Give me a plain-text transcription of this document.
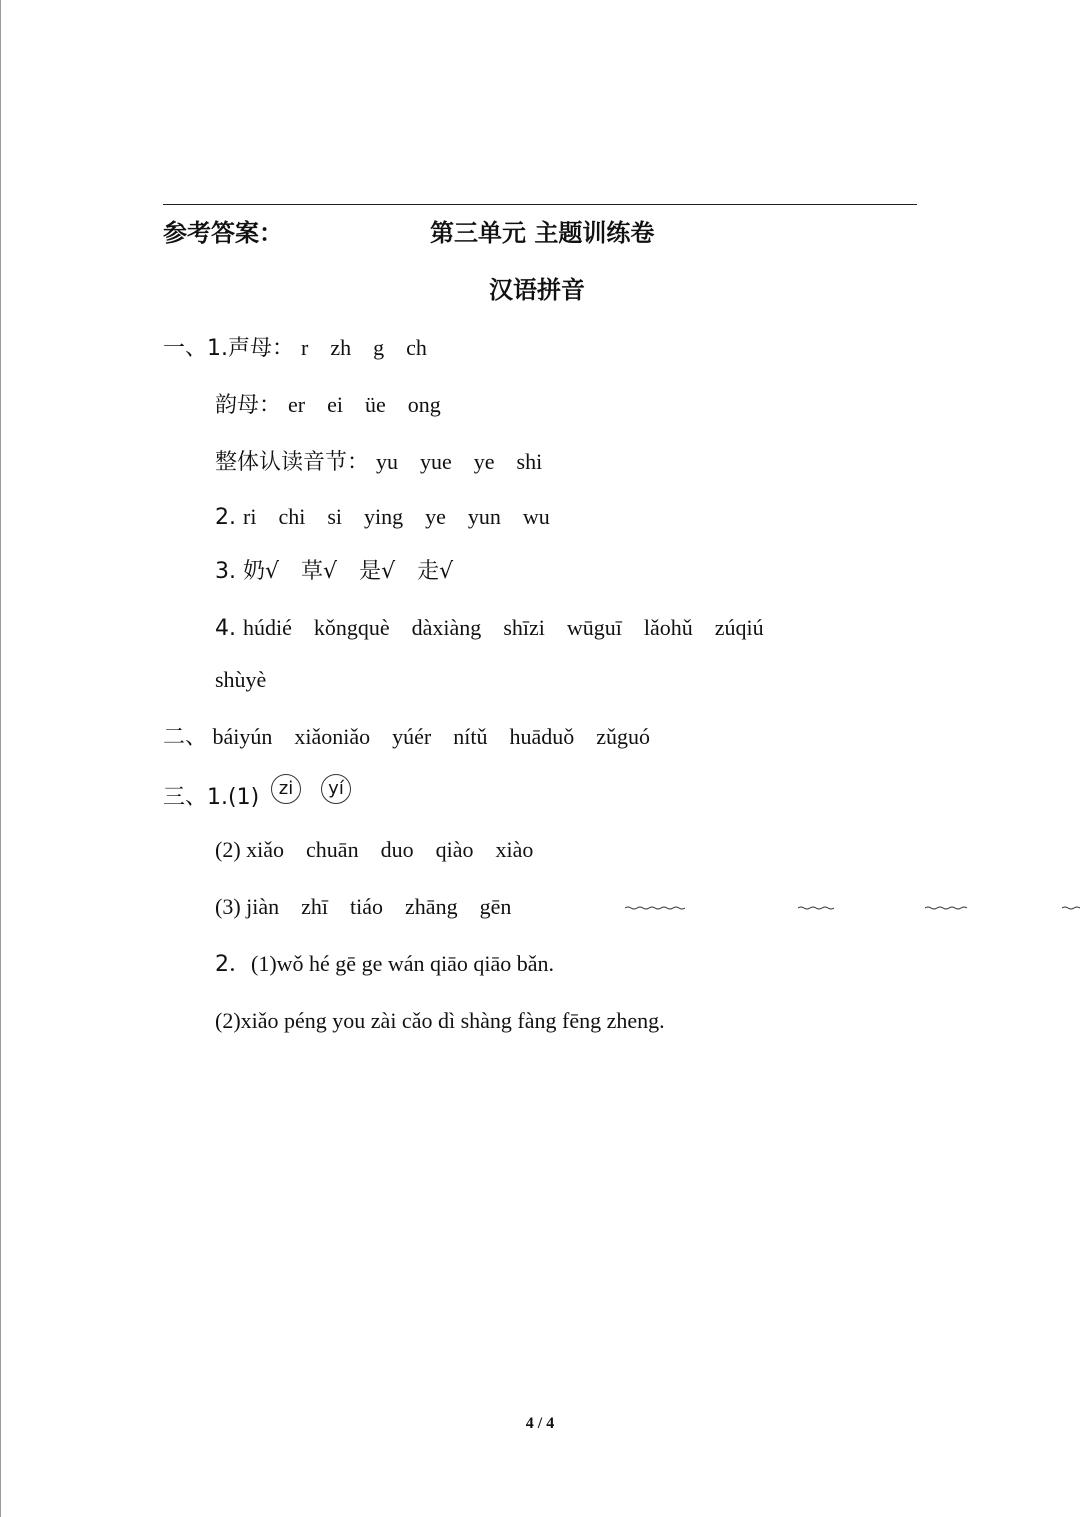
参考答案：	第三单元 主题训练卷
汉语拼音
一、1.声母： r zh g ch
韵母： er ei üe ong
整体认读音节： yu yue ye shi
2. ri chi si ying ye yun wu
3. 奶√ 草√ 是√ 走√
4. húdié kǒngquè dàxiàng shīzi wūguī lǎohǔ zúqiú
shùyè
二、 báiyún xiǎoniǎo yúér nítǔ huāduǒ zǔguó
三、1.(1)	zi	yí
(2) xiǎo chuān duo qiào xiào
(3) jiàn zhī tiáo zhāng gēn
2．(1)wǒ hé gē ge wán qiāo qiāo bǎn.
(2)xiǎo péng you zài cǎo dì shàng fàng fēng zheng.
4 / 4
